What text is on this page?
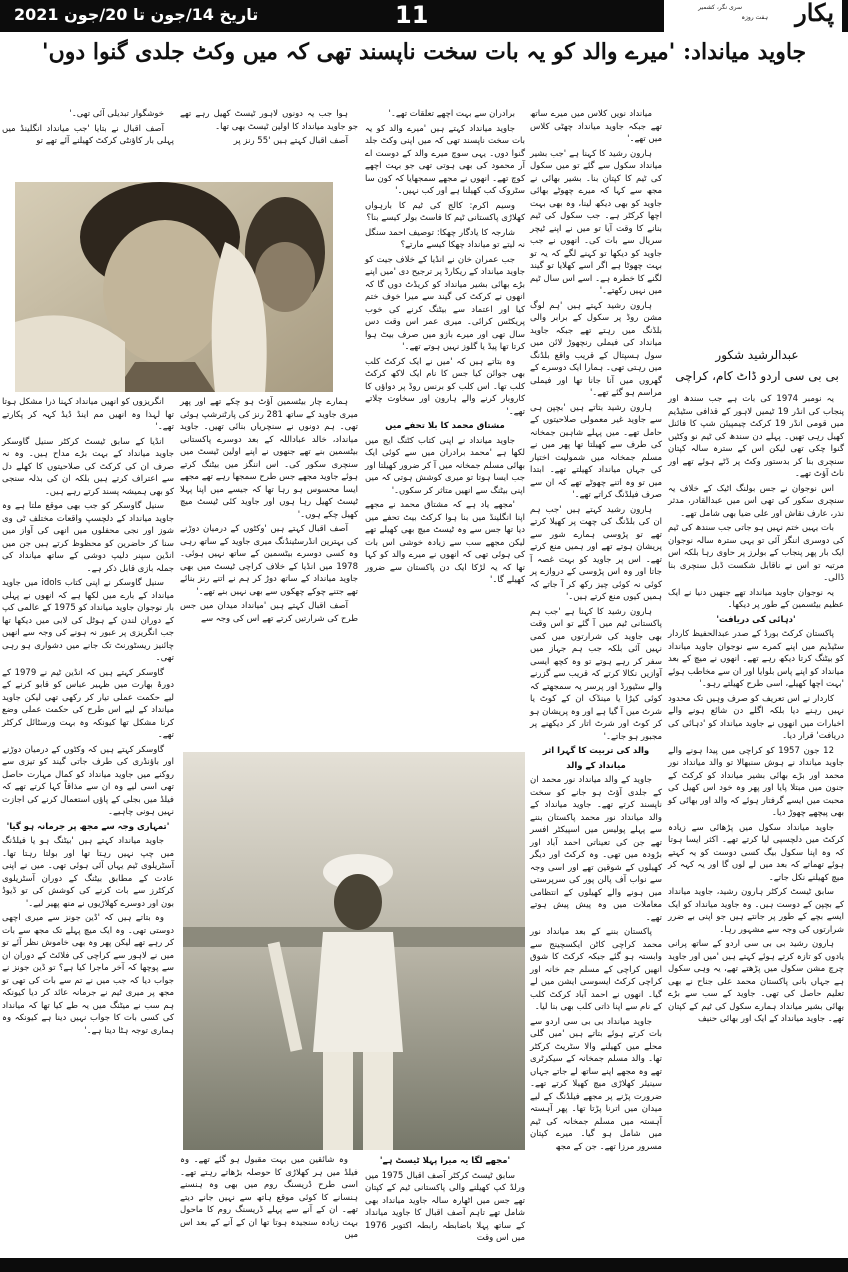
تاریخ 14/جون تا 20/جون 2021	11	پکار
ہفت روزہ
سری نگر، کشمیر
جاوید میانداد: 'میرے والد کو یہ بات سخت ناپسند تھی کہ میں وکٹ جلدی گنوا دوں'
عبدالرشید شکور
بی بی سی اردو ڈاٹ کام، کراچی

یہ نومبر 1974 کی بات ہے جب سندھ اور پنجاب کی انڈر 19 ٹیمیں لاہور کے قذافی سٹیڈیم میں قومی انڈر 19 کرکٹ چیمپیئن شپ کا فائنل کھیل رہی تھیں۔ پہلے دن سندھ کی ٹیم نو وکٹیں گنوا چکی تھی لیکن اس کے سترہ سالہ کپتان سنچری بنا کر بدستور وکٹ پر ڈٹے ہوئے تھے اور ناٹ آؤٹ تھے۔

اس نوجوان نے جس بولنگ اٹیک کے خلاف یہ سنچری سکور کی تھی اس میں عبدالقادر، مدثر نذر، عارف نقاش اور علی ضیا بھی شامل تھے۔

بات یہیں ختم نہیں ہو جاتی جب سندھ کی ٹیم کی دوسری اننگز آئی تو یہی سترہ سالہ نوجوان ایک بار پھر پنجاب کے بولرز پر حاوی رہا بلکہ اس مرتبہ تو اس نے ناقابل شکست ڈبل سنچری بنا ڈالی۔

یہ نوجوان جاوید میانداد تھے جنھیں دنیا نے ایک عظیم بیٹسمین کے طور پر دیکھا۔

'دہائی کی دریافت'

پاکستان کرکٹ بورڈ کے صدر عبدالحفیظ کاردار سٹیڈیم میں اپنے کمرے سے نوجوان جاوید میانداد کو بیٹنگ کرتا دیکھ رہے تھے۔ انھوں نے میچ کے بعد میانداد کو اپنے پاس بلوایا اور ان سے مخاطب ہوئے 'بہت اچھا کھیلے، اسی طرح کھیلتے رہو۔'

کاردار نے اس تعریف کو صرف وہیں تک محدود نہیں رہنے دیا بلکہ اگلے دن شائع ہونے والے اخبارات میں انھوں نے جاوید میانداد کو 'دہائی کی دریافت' قرار دیا۔

12 جون 1957 کو کراچی میں پیدا ہونے والے جاوید میانداد نے ہوش سنبھالا تو والد میانداد نور محمد اور بڑے بھائی بشیر میانداد کو کرکٹ کے جنون میں مبتلا پایا اور پھر وہ خود اس کھیل کی محبت میں ایسے گرفتار ہوئے کہ والد اور بھائی کو بھی پیچھے چھوڑ دیا۔

جاوید میانداد سکول میں پڑھائی سے زیادہ کرکٹ میں دلچسپی لیا کرتے تھے۔ اکثر ایسا ہوتا کہ وہ اپنا سکول بیگ کسی دوست کو یہ کہتے ہوئے تھماتے کہ بعد میں لے لوں گا اور یہ کہہ کر میچ کھیلنے نکل جاتے۔

سابق ٹیسٹ کرکٹر ہارون رشید، جاوید میانداد کے بچپن کے دوست ہیں۔ وہ جاوید میانداد کو ایک ایسے بچے کے طور پر جانتے ہیں جو اپنی بے ضرر شرارتوں کی وجہ سے مشہور رہا۔

ہارون رشید بی بی سی اردو کے ساتھ پرانی یادوں کو تازہ کرتے ہوئے کہتے ہیں 'میں اور جاوید چرچ مشن سکول میں پڑھتے تھے، یہ وہی سکول ہے جہاں بانی پاکستان محمد علی جناح نے بھی تعلیم حاصل کی تھی۔ جاوید کے سب سے بڑے بھائی بشیر میانداد ہمارے سکول کی ٹیم کے کپتان تھے۔ جاوید میانداد کے ایک اور بھائی حنیف

میانداد نویں کلاس میں میرے ساتھ تھے جبکہ جاوید میانداد چھٹی کلاس میں تھے۔'

ہارون رشید کا کہنا ہے 'جب بشیر میانداد سکول سے گئے تو میں سکول کی ٹیم کا کپتان بنا۔ بشیر بھائی نے مجھ سے کہا کہ میرے چھوٹے بھائی جاوید کو بھی دیکھ لینا، وہ بھی بہت اچھا کرکٹر ہے۔ جب سکول کی ٹیم بنانے کا وقت آیا تو میں نے اپنے ٹیچر سریال سے بات کی۔ انھوں نے جب جاوید کو دیکھا تو کہنے لگے کہ یہ تو بہت چھوٹا ہے اگر اسے کھلایا تو گیند لگنے کا خطرہ ہے۔ اسے اس سال ٹیم میں نہیں رکھتے۔'

ہارون رشید کہتے ہیں 'ہم لوگ مشن روڈ پر سکول کے برابر والی بلڈنگ میں رہتے تھے جبکہ جاوید میانداد کی فیملی رنچھوڑ لائن میں سول ہسپتال کے قریب واقع بلڈنگ میں رہتی تھی۔ ہمارا ایک دوسرے کے گھروں میں آنا جانا تھا اور فیملی مراسم ہو گئے تھے۔'

ہارون رشید بتاتے ہیں 'بچپن ہی سے جاوید غیر معمولی صلاحیتوں کے حامل تھے۔ میں پہلے شاہین جمخانہ کی طرف سے کھیلتا تھا پھر میں نے مسلم جمخانہ میں شمولیت اختیار کی جہاں میانداد کھیلتے تھے۔ ابتدا میں تو وہ اتنے چھوٹے تھے کہ ان سے صرف فیلڈنگ کراتے تھے۔'

ہارون رشید کہتے ہیں 'جب ہم ان کی بلڈنگ کی چھت پر کھیلا کرتے تھے تو پڑوسی ہمارے شور سے پریشان ہوتے تھے اور ہمیں منع کرتے تھے۔ اس پر جاوید کو بہت غصہ آ جاتا اور وہ اس پڑوسی کے دروازے پر کوئی نہ کوئی چیز رکھ کر آ جاتے کہ ہمیں کیوں منع کرتے ہیں۔'

ہارون رشید کا کہنا ہے 'جب ہم پاکستانی ٹیم میں آ گئے تو اس وقت بھی جاوید کی شرارتوں میں کمی نہیں آئی بلکہ جب ہم جہاز میں سفر کر رہے ہوتے تو وہ کچھ ایسی آوازیں نکالا کرتے کہ قریب سے گزرنے والے سٹیورڈ اور پرسر یہ سمجھتے کہ کوئی کیڑا یا مینڈک ان کے کوٹ یا شرٹ میں آ گیا ہے اور وہ پریشان ہو کر کوٹ اور شرٹ اتار کر دیکھنے پر مجبور ہو جاتے۔'

والد کی تربیت کا گہرا اثر

میانداد کے والد

جاوید کے والد میانداد نور محمد ان کے جلدی آؤٹ ہو جانے کو سخت ناپسند کرتے تھے۔ جاوید میانداد کے والد میانداد نور محمد پاکستان بننے سے پہلے پولیس میں اسپیکٹر افسر تھے جن کی تعیناتی احمد آباد اور بڑودہ میں تھی۔ وہ کرکٹ اور دیگر کھیلوں کے شوقین تھے اور اسی وجہ سے نواب آف پالن پور کی سرپرستی میں ہونے والے کھیلوں کے انتظامی معاملات میں وہ پیش پیش ہوتے تھے۔

پاکستان بننے کے بعد میانداد نور محمد کراچی کاٹن ایکسچینج سے وابستہ ہو گئے جبکہ کرکٹ کا شوق انھیں کراچی کے مسلم جم خانہ اور کراچی کرکٹ ایسوسی ایشن میں لے گیا۔ انھوں نے احمد آباد کرکٹ کلب کے نام سے اپنا ذاتی کلب بھی بنا لیا۔

جاوید میانداد بی بی سی اردو سے بات کرتے ہوئے بتاتے ہیں 'میں گلی محلے میں کھیلنے والا سٹریٹ کرکٹر تھا۔ والد مسلم جمخانہ کے سیکرٹری تھے وہ مجھے اپنے ساتھ لے جاتے جہاں سینیئر کھلاڑی میچ کھیلا کرتے تھے۔ ضرورت پڑنے پر مجھے فیلڈنگ کے لیے میدان میں اترنا پڑتا تھا۔ پھر آہستہ آہستہ میں مسلم جمخانہ کی ٹیم میں شامل ہو گیا۔ میرے کپتان مسرور مرزا تھے۔ جن کے مجھ

برادران سے بہت اچھے تعلقات تھے۔'

جاوید میانداد کہتے ہیں 'میرے والد کو یہ بات سخت ناپسند تھی کہ میں اپنی وکٹ جلد گنوا دوں۔ یہی سوچ میرے والد کے دوست اے آر محمود کی بھی ہوتی تھی جو بہت اچھے کوچ تھے۔ انھوں نے مجھے سمجھایا کہ کون سا سٹروک کب کھیلنا ہے اور کب نہیں۔'

وسیم اکرم: کالج کی ٹیم کا بارہواں کھلاڑی پاکستانی ٹیم کا فاسٹ بولر کیسے بنا؟

شارجہ کا یادگار چھکا: توصیف احمد سنگل نہ لیتے تو میانداد چھکا کیسے مارتے؟

جب عمران خان نے انڈیا کے خلاف جیت کو جاوید میانداد کے ریکارڈ پر ترجیح دی 'میں اپنے بڑے بھائی بشیر میانداد کو کریڈٹ دوں گا کہ انھوں نے کرکٹ کی گیند سے میرا خوف ختم کیا اور اعتماد سے بیٹنگ کرنے کی خوب پریکٹس کرائی۔ میری عمر اس وقت دس سال تھی اور میرے بازو میں صرف بیٹ ہوا کرتا تھا پیڈ یا گلوز نہیں ہوتے تھے۔'

وہ بتاتے ہیں کہ 'میں نے ایک کرکٹ کلب بھی جوائن کیا جس کا نام ایک لاکھ کرکٹ کلب تھا۔ اس کلب کو برنس روڈ پر دواؤں کا کاروبار کرنے والے ہارون اور سخاوت چلاتے تھے۔'

مشتاق محمد کا بلا تحفے میں

جاوید میانداد نے اپنی کتاب کٹنگ ایج میں لکھا ہے 'محمد برادران میں سے کوئی ایک بھائی مسلم جمخانہ میں آ کر ضرور کھیلتا اور جب ایسا ہوتا تو میری کوشش ہوتی کہ میں اپنی بیٹنگ سے انھیں متاثر کر سکوں۔'

'مجھے یاد ہے کہ مشتاق محمد نے مجھے اپنا انگلینڈ میں بنا ہوا کرکٹ بیٹ تحفے میں دیا تھا جس سے وہ ٹیسٹ میچ بھی کھیلے تھے لیکن مجھے سب سے زیادہ خوشی اس بات کی ہوئی تھی کہ انھوں نے میرے والد کو کہا تھا کہ یہ لڑکا ایک دن پاکستان سے ضرور کھیلے گا۔'

ہوا جب یہ دونوں لاہور ٹیسٹ کھیل رہے تھے جو جاوید میانداد کا اولین ٹیسٹ بھی تھا۔

آصف اقبال کہتے ہیں '55 رنز پر

ہمارے چار بیٹسمین آؤٹ ہو چکے تھے اور پھر میری جاوید کے ساتھ 281 رنز کی پارٹنرشپ ہوئی تھی۔ ہم دونوں نے سنچریاں بنائی تھیں۔ جاوید میانداد، خالد عباداللہ کے بعد دوسرے پاکستانی بیٹسمین بنے تھے جنھوں نے اپنے اولین ٹیسٹ میں سنچری سکور کی۔ اس اننگز میں بیٹنگ کرتے ہوئے جاوید مجھے جس طرح سمجھا رہے تھے مجھے ایسا محسوس ہو رہا تھا کہ جیسے میں اپنا پہلا ٹیسٹ کھیل رہا ہوں اور جاوید کئی ٹیسٹ میچ کھیل چکے ہوں۔'

آصف اقبال کہتے ہیں 'وکٹوں کے درمیان دوڑنے کی بہترین انڈرسٹینڈنگ میری جاوید کے ساتھ رہی وہ کسی دوسرے بیٹسمین کے ساتھ نہیں ہوئی۔ 1978 میں انڈیا کے خلاف کراچی ٹیسٹ میں بھی جاوید میانداد کے ساتھ دوڑ کر ہم نے اتنے رنز بنائے تھے جتنے چوکے چھکوں سے بھی نہیں بنے تھے۔'

آصف اقبال کہتے ہیں 'میانداد میدان میں جس طرح کی شرارتیں کرتے تھے اس کی وجہ سے

خوشگوار تبدیلی آئی تھی۔'

آصف اقبال نے بتایا 'جب میانداد انگلینڈ میں پہلی بار کاؤنٹی کرکٹ کھیلنے آئے تھے تو

انگریزوں کو انھیں میانداد کہنا ذرا مشکل ہوتا تھا لہذا وہ انھیں مم اینڈ ڈیڈ کہہ کر پکارتے تھے۔'

انڈیا کے سابق ٹیسٹ کرکٹر سنیل گاوسکر جاوید میانداد کے بہت بڑے مداح ہیں۔ وہ نہ صرف ان کی کرکٹ کی صلاحیتوں کا کھلے دل سے اعتراف کرتے ہیں بلکہ ان کی بذلہ سنجی کو بھی ہمیشہ پسند کرتے رہے ہیں۔

سنیل گاوسکر کو جب بھی موقع ملتا ہے وہ جاوید میانداد کے دلچسپ واقعات مختلف ٹی وی شوز اور نجی محفلوں میں انھی کی آواز میں سنا کر حاضرین کو محظوظ کرتے ہیں جن میں انڈین سپنر دلیپ دوشی کے ساتھ میانداد کی جملہ بازی قابل ذکر ہے۔

سنیل گاوسکر نے اپنی کتاب idols میں جاوید میانداد کے بارے میں لکھا ہے کہ انھوں نے پہلی بار نوجوان جاوید میانداد کو 1975 کے عالمی کپ کے دوران لندن کے ہوٹل کی لابی میں دیکھا تھا جب انگریزی پر عبور نہ ہونے کی وجہ سے انھیں چائنیز ریسٹورنٹ تک جانے میں دشواری ہو رہی تھی۔

گاوسکر کہتے ہیں کہ انڈین ٹیم نے 1979 کے دورۂ بھارت میں ظہیر عباس کو قابو کرنے کے لیے حکمت عملی تیار کر رکھی تھی لیکن جاوید میانداد کے لیے اس طرح کی حکمت عملی وضع کرنا مشکل تھا کیونکہ وہ بہت ورسٹائل کرکٹر تھے۔

گاوسکر کہتے ہیں کہ وکٹوں کے درمیان دوڑنے اور باؤنڈری کی طرف جاتی گیند کو تیزی سے روکنے میں جاوید میانداد کو کمال مہارت حاصل تھی اسی لیے وہ ان سے مذاقاً کہا کرتے تھے کہ فیلڈ میں بجلی کے پاؤں استعمال کرنے کی اجازت نہیں ہونی چاہیے۔

'تمہاری وجہ سے مجھ پر جرمانہ ہو گیا'

جاوید میانداد کہتے ہیں 'بیٹنگ ہو یا فیلڈنگ میں چپ نہیں رہتا تھا اور بولتا رہتا تھا۔ آسٹریلوی ٹیم یہاں آئی ہوئی تھی۔ میں نے اپنی عادت کے مطابق بیٹنگ کے دوران آسٹریلوی کرکٹرز سے بات کرنے کی کوشش کی تو ڈیوڈ بون اور دوسرے کھلاڑیوں نے منھ پھیر لیے۔'

وہ بتاتے ہیں کہ 'ڈین جونز سے میری اچھی دوستی تھی۔ وہ ایک میچ پہلے تک مجھ سے بات کر رہے تھے لیکن پھر وہ بھی خاموش نظر آئے تو میں نے لاہور سے کراچی کی فلائٹ کے دوران ان سے پوچھا کہ آخر ماجرا کیا ہے؟ تو ڈین جونز نے جواب دیا کہ جب میں نے تم سے بات کی تھی تو مجھ پر میری ٹیم نے جرمانہ عائد کر دیا کیونکہ ہم سب نے میٹنگ میں یہ طے کیا تھا کہ میانداد کی کسی بات کا جواب نہیں دینا ہے کیونکہ وہ ہماری توجہ ہٹا دیتا ہے۔'

'مجھے لگا یہ میرا پہلا ٹیسٹ ہے'

سابق ٹیسٹ کرکٹر آصف اقبال 1975 میں ورلڈ کپ کھیلنے والی پاکستانی ٹیم کے کپتان تھے جس میں اٹھارہ سالہ جاوید میانداد بھی شامل تھے تاہم آصف اقبال کا جاوید میانداد کے ساتھ پہلا باضابطہ رابطہ اکتوبر 1976 میں اس وقت

وہ شائقین میں بہت مقبول ہو گئے تھے۔ وہ فیلڈ میں ہر کھلاڑی کا حوصلہ بڑھاتے رہتے تھے۔ اسی طرح ڈریسنگ روم میں بھی وہ ہنسنے ہنسانے کا کوئی موقع ہاتھ سے نہیں جانے دیتے تھے۔ ان کے آنے سے پہلے ڈریسنگ روم کا ماحول بہت زیادہ سنجیدہ ہوتا تھا ان کے آنے کے بعد اس میں
